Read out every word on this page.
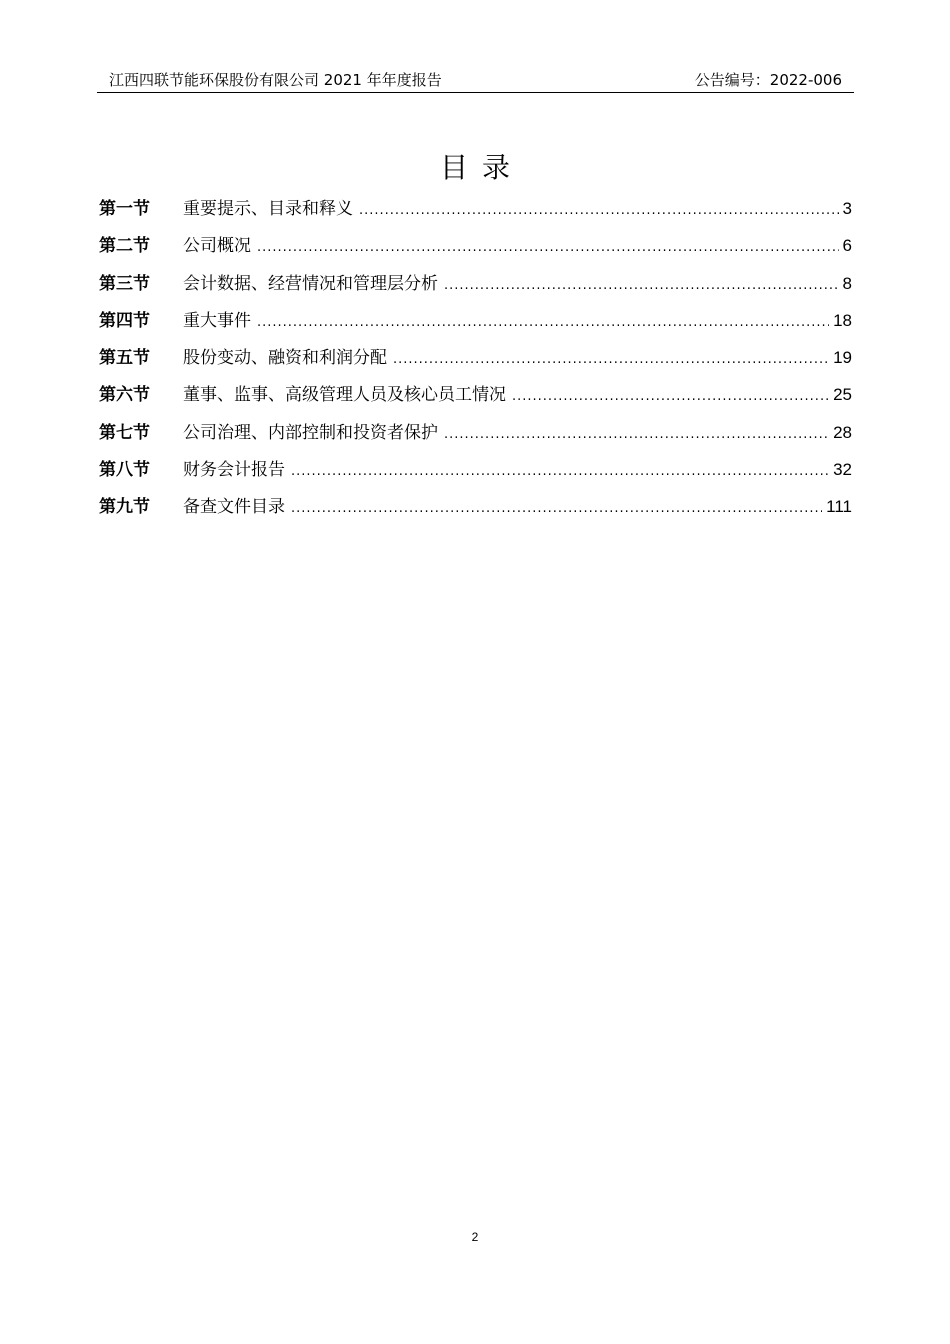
江西四联节能环保股份有限公司 2021 年年度报告	公告编号：2022-006
目录
第一节	重要提示、目录和释义 .....	3
第二节	公司概况 .....	6
第三节	会计数据、经营情况和管理层分析 .....	8
第四节	重大事件 .....	18
第五节	股份变动、融资和利润分配 .....	19
第六节	董事、监事、高级管理人员及核心员工情况 .....	25
第七节	公司治理、内部控制和投资者保护 .....	28
第八节	财务会计报告 .....	32
第九节	备查文件目录 .....	111
2
